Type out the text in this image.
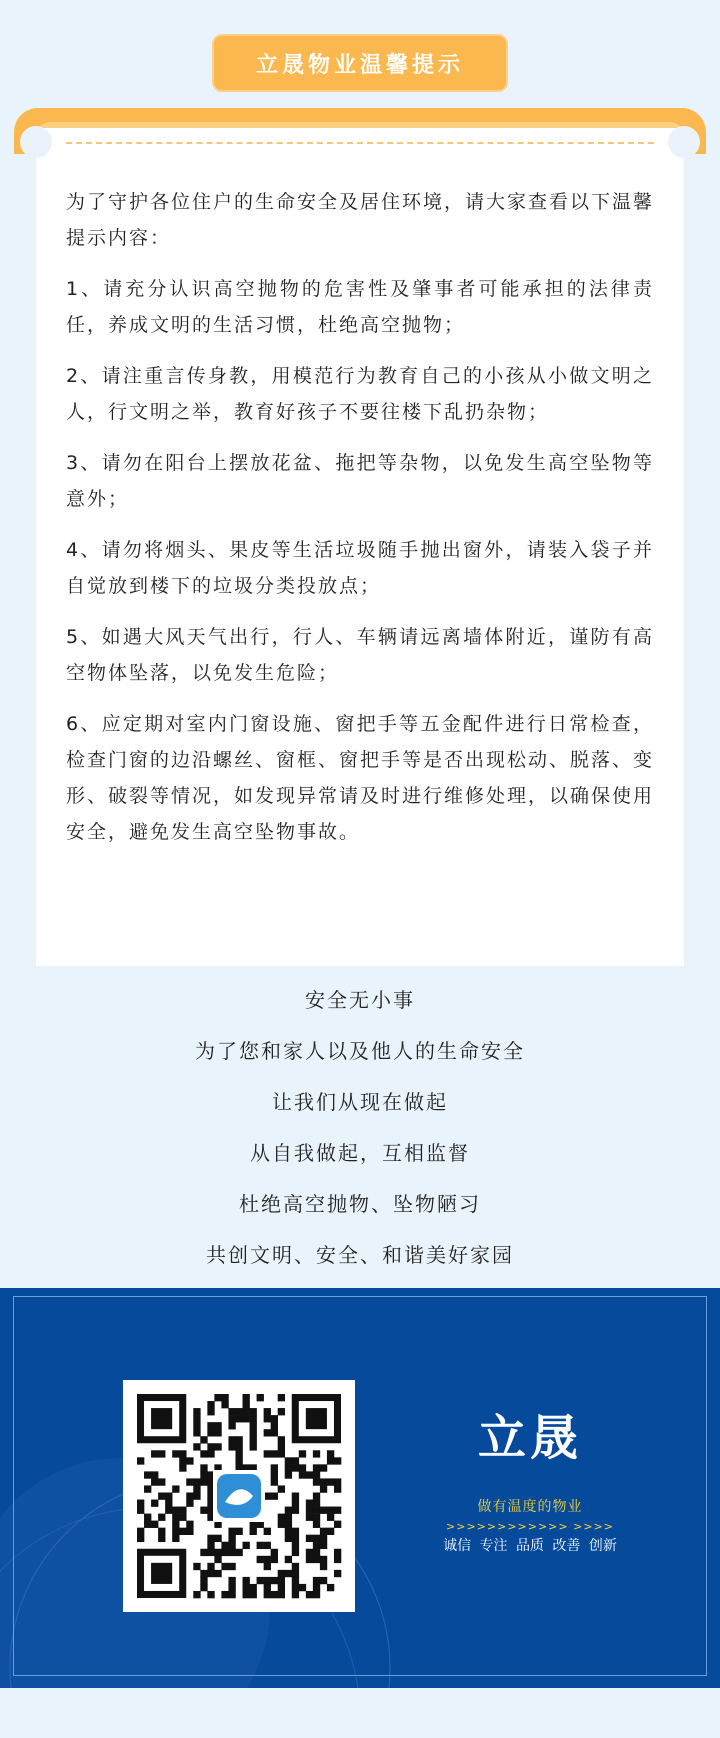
立晟物业温馨提示

为了守护各位住户的生命安全及居住环境，请大家查看以下温馨提示内容：

1、请充分认识高空抛物的危害性及肇事者可能承担的法律责任，养成文明的生活习惯，杜绝高空抛物；

2、请注重言传身教，用模范行为教育自己的小孩从小做文明之人，行文明之举，教育好孩子不要往楼下乱扔杂物；

3、请勿在阳台上摆放花盆、拖把等杂物，以免发生高空坠物等意外；

4、请勿将烟头、果皮等生活垃圾随手抛出窗外，请装入袋子并自觉放到楼下的垃圾分类投放点；

5、如遇大风天气出行，行人、车辆请远离墙体附近，谨防有高空物体坠落，以免发生危险；

6、应定期对室内门窗设施、窗把手等五金配件进行日常检查，检查门窗的边沿螺丝、窗框、窗把手等是否出现松动、脱落、变形、破裂等情况，如发现异常请及时进行维修处理，以确保使用安全，避免发生高空坠物事故。

安全无小事
为了您和家人以及他人的生命安全
让我们从现在做起
从自我做起，互相监督
杜绝高空抛物、坠物陋习
共创文明、安全、和谐美好家园
立晟
做有温度的物业
>>>>>>>>>>>> >>>>
诚信 专注 品质 改善 创新
